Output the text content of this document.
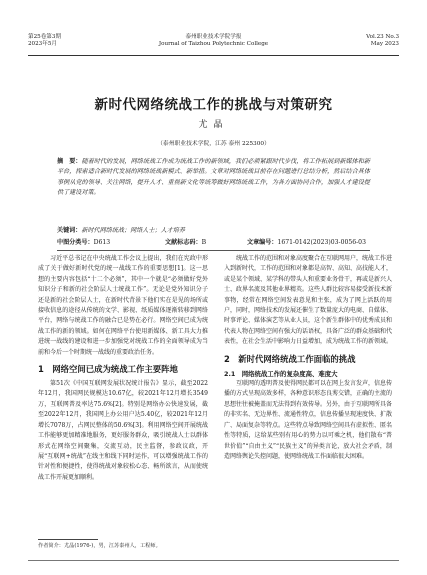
第25卷第3期
2023年5月
泰州职业技术学院学报
Journal of Taizhou Polytechnic College
Vol.23 No.3
May 2023
新时代网络统战工作的挑战与对策研究
尤晶
（泰州职业技术学院，江苏 泰州 225300）
摘　要：随着时代的发展，网络统战工作成为统战工作的新领域，我们必须紧跟时代步伐，将工作拓展到新媒体和新平台，探索适合新时代发展的网络统战新模式、新举措。文章对网络统战目前存在问题进行总结分析，然后结合具体事例从党的领导、关注网络，提升人才、重视新文化等统筹做好网络统战工作，为各方面协同合作，加强人才建设提供了建设对策。
关键词：新时代网络统战；网络人士；人才培养
中图分类号：D613	文献标志码：B	文章编号：1671-0142(2023)03-0056-03

习近平总书记在中央统战工作会议上提出，我们在宪政中形成了关于做好新时代党的统一战线工作的重要思想[1]。这一思想的主要内容包括“十二个必须”，其中一个就是“必须做好党外知识分子和新的社会阶层人士统战工作”。无论是党外知识分子还是新的社会阶层人士，在新时代背景下他们实在是见的场所或接收信息的途径从传统的文学、影视、纸质媒体逐渐转移到网络平台，网络与统战工作的融合已是势在必行。网络空间已成为统战工作的新的领域。如何在网络平台使用新媒体、新工具大力推进统一战线的建设和进一步加强党对统战工作的全面领导成为当前和今后一个时期统一战线的重要政治任务。

1　网络空间已成为统战工作主要阵地

第51次《中国互联网发展状况统计报告》显示，截至2022年12月，我国网民规模达10.67亿，较2021年12月增长3549万，互联网普及率达75.6%[2]。特别是网络办公快速发展，截至2022年12月，我国网上办公用户达5.40亿，较2021年12月增长7078万，占网民整体的50.6%[3]。利用网络空间开展统战工作能够更加精准地服务，更好服务群众，吸引统战人士以群体形式在网络空间聚集，交流互动，民主监督，参政议政，开展“互联网+统战”在线主和线下同时运作，可以增强统战工作的针对性和便捷性，使得统战对象较松心态、畅所欲言，从而使统战工作开展更加顺利。

统战工作的范围和对象高度聚合在互联网用户，统战工作进入到新时代，工作的范围和对象都是高智、高知、高技能人才，或是某个领域、某学科的带头人和重要业务骨干，再或是新兴人士、政界名流及其他业界精英。这些人群比较容易接受新技术新事物，经常在网络空间发表意见和主张，成为了网上活跃的用户，同时，网络技术的发展还催生了数量庞大的电商、自媒体、时事评论、媒体演艺等从业人员，这个新生群体中的优秀成员和代表人物在网络空间有强大的话语权，具备广泛的群众基础和代表性，在社会生活中影响力日益增加，成为统战工作的新领域。

2　新时代网络统战工作面临的挑战
2.1　网络统战工作的复杂度高、难度大

互联网的透明普及使得网民都可以在网上发言发声，信息传播的方式呈现高效多样，各种意识形态良莠交错，正确的主流的思想往往被掩盖而无法得到有效传导。另外，由于互联网所具备的非实名、无边界性、流通性特点，信息传播呈现速度快、扩散广、局面复杂等特点。这些特点导致网络空间具有虚拟性、匿名性等特质，这给某些别有用心的势力以可乘之机，他们散布“普世价值”“自由主义”“民族主义”的异类言论，放大社会矛盾，制造网络舆论失控问题，使网络统战工作面临很大困难。

作者简介：尤晶(1976-)，男，江苏泰州人，工程师。
